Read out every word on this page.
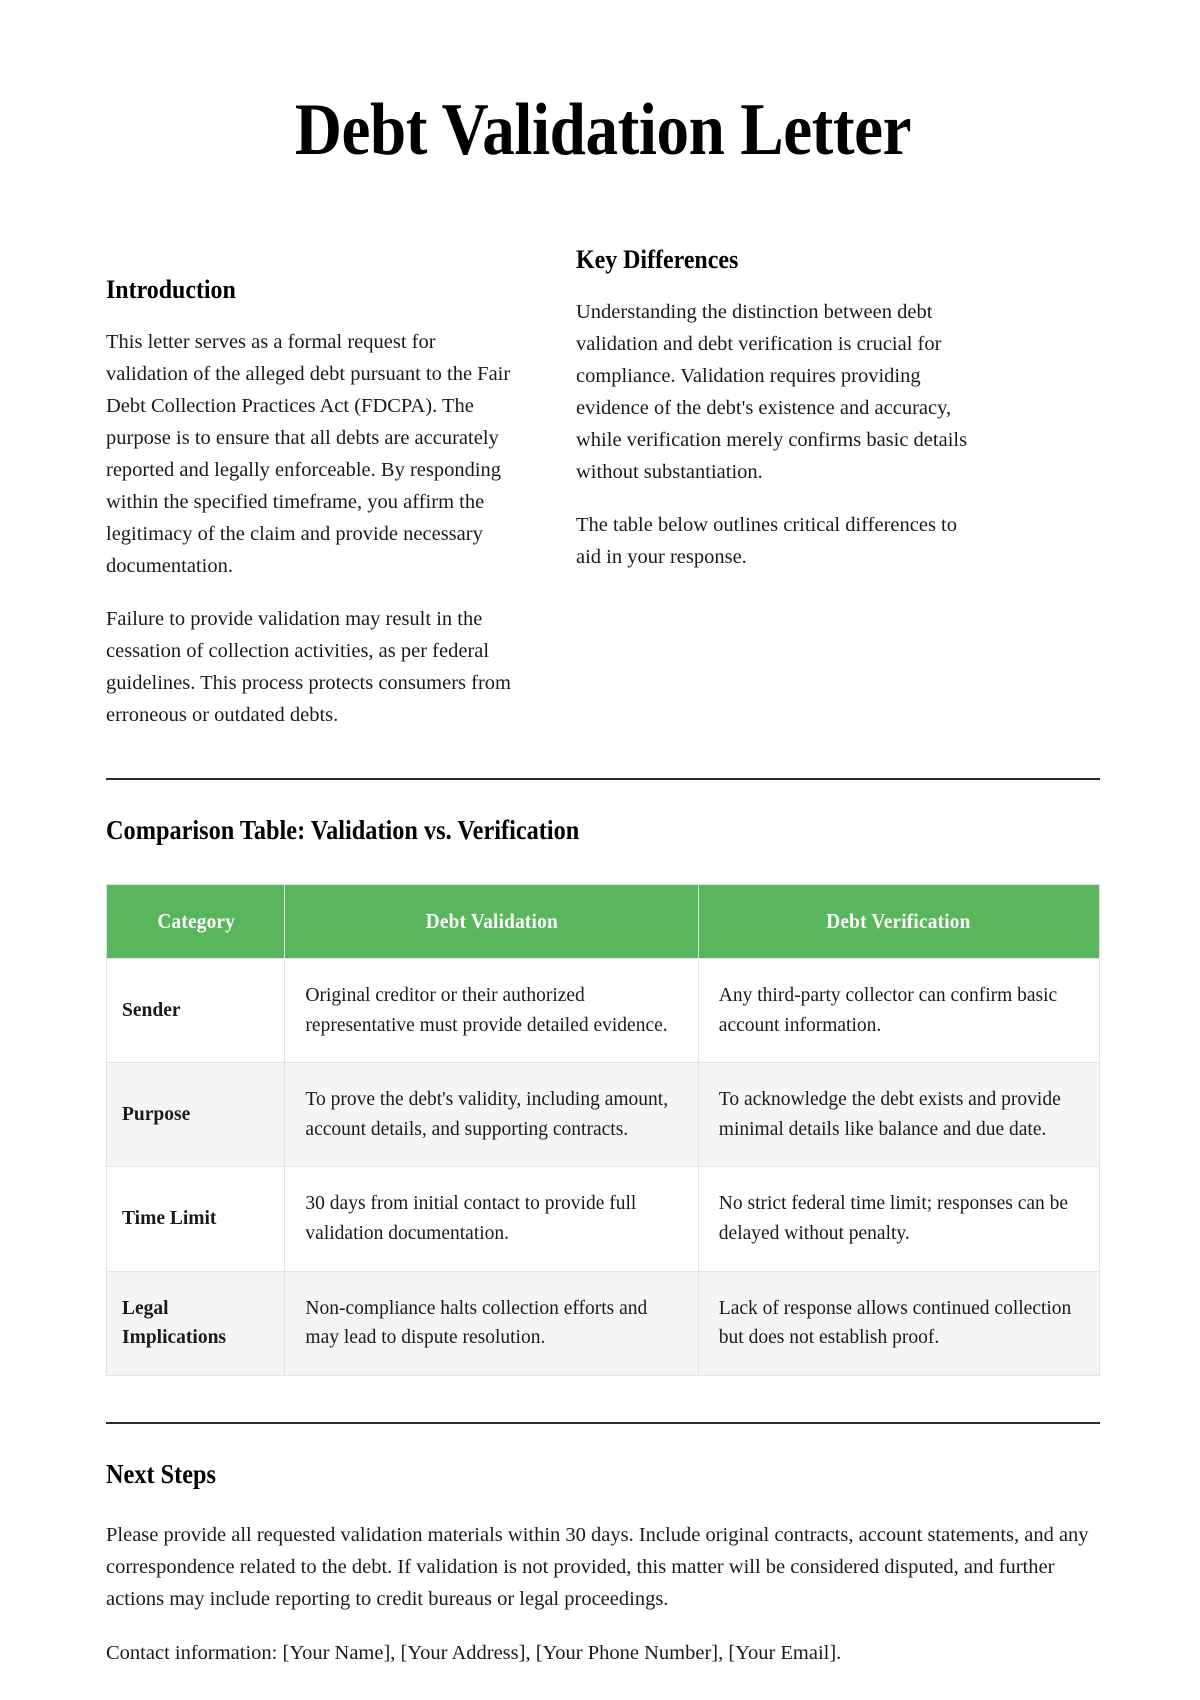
Debt Validation Letter
Introduction

This letter serves as a formal request for validation of the alleged debt pursuant to the Fair Debt Collection Practices Act (FDCPA). The purpose is to ensure that all debts are accurately reported and legally enforceable. By responding within the specified timeframe, you affirm the legitimacy of the claim and provide necessary documentation.

Failure to provide validation may result in the cessation of collection activities, as per federal guidelines. This process protects consumers from erroneous or outdated debts.

Key Differences

Understanding the distinction between debt validation and debt verification is crucial for compliance. Validation requires providing evidence of the debt's existence and accuracy, while verification merely confirms basic details without substantiation.

The table below outlines critical differences to aid in your response.

Comparison Table: Validation vs. Verification
Category	Debt Validation	Debt Verification
Sender	Original creditor or their authorized representative must provide detailed evidence.	Any third-party collector can confirm basic account information.
Purpose	To prove the debt's validity, including amount, account details, and supporting contracts.	To acknowledge the debt exists and provide minimal details like balance and due date.
Time Limit	30 days from initial contact to provide full validation documentation.	No strict federal time limit; responses can be delayed without penalty.
Legal Implications	Non-compliance halts collection efforts and may lead to dispute resolution.	Lack of response allows continued collection but does not establish proof.
Next Steps

Please provide all requested validation materials within 30 days. Include original contracts, account statements, and any correspondence related to the debt. If validation is not provided, this matter will be considered disputed, and further actions may include reporting to credit bureaus or legal proceedings.

Contact information: [Your Name], [Your Address], [Your Phone Number], [Your Email].
